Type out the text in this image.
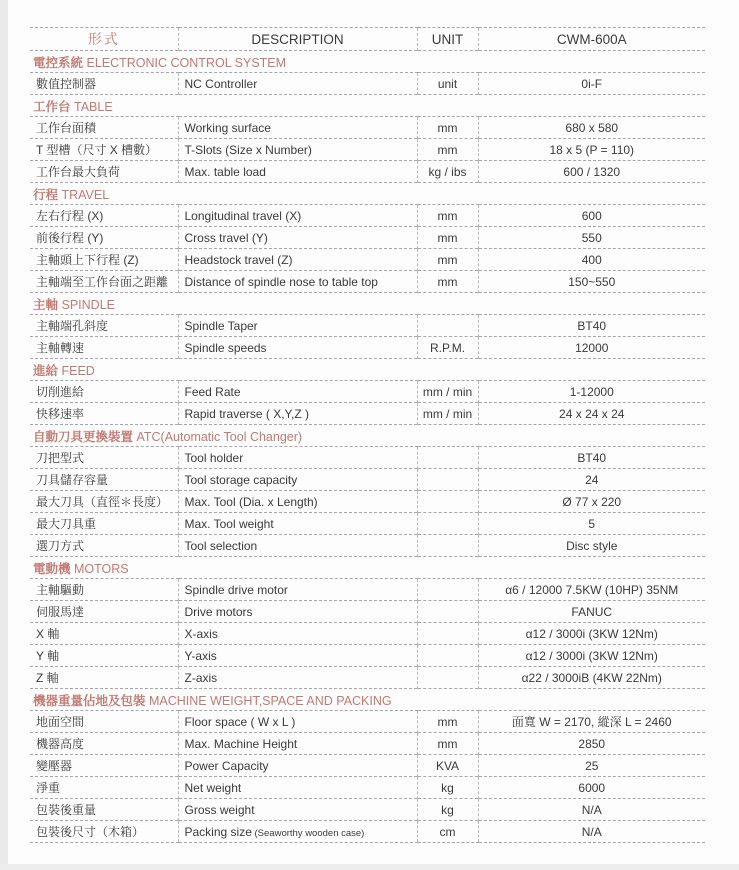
形式	DESCRIPTION	UNIT	CWM-600A
電控系統 ELECTRONIC CONTROL SYSTEM			
數值控制器	NC Controller	unit	0i-F
工作台 TABLE			
工作台面積	Working surface	mm	680 x 580
T 型槽（尺寸 X 槽數）	T-Slots (Size x Number)	mm	18 x 5 (P = 110)
工作台最大負荷	Max. table load	kg / ibs	600 / 1320
行程 TRAVEL			
左右行程 (X)	Longitudinal travel (X)	mm	600
前後行程 (Y)	Cross travel (Y)	mm	550
主軸頭上下行程 (Z)	Headstock travel (Z)	mm	400
主軸端至工作台面之距離	Distance of spindle nose to table top	mm	150~550
主軸 SPINDLE			
主軸端孔斜度	Spindle Taper		BT40
主軸轉速	Spindle speeds	R.P.M.	12000
進給 FEED			
切削進給	Feed Rate	mm / min	1-12000
快移速率	Rapid traverse ( X,Y,Z )	mm / min	24 x 24 x 24
自動刀具更換裝置 ATC(Automatic Tool Changer)			
刀把型式	Tool holder		BT40
刀具儲存容量	Tool storage capacity		24
最大刀具（直徑＊長度）	Max. Tool (Dia. x Length)		Ø 77 x 220
最大刀具重	Max. Tool weight		5
選刀方式	Tool selection		Disc style
電動機 MOTORS			
主軸驅動	Spindle drive motor		α6 / 12000 7.5KW (10HP) 35NM
伺服馬達	Drive motors		FANUC
X 軸	X-axis		α12 / 3000i (3KW 12Nm)
Y 軸	Y-axis		α12 / 3000i (3KW 12Nm)
Z 軸	Z-axis		α22 / 3000iB (4KW 22Nm)
機器重量佔地及包裝 MACHINE WEIGHT,SPACE AND PACKING			
地面空間	Floor space ( W x L )	mm	面寬 W = 2170, 縱深 L = 2460
機器高度	Max. Machine Height	mm	2850
變壓器	Power Capacity	KVA	25
淨重	Net weight	kg	6000
包裝後重量	Gross weight	kg	N/A
包裝後尺寸（木箱）	Packing size (Seaworthy wooden case)	cm	N/A
